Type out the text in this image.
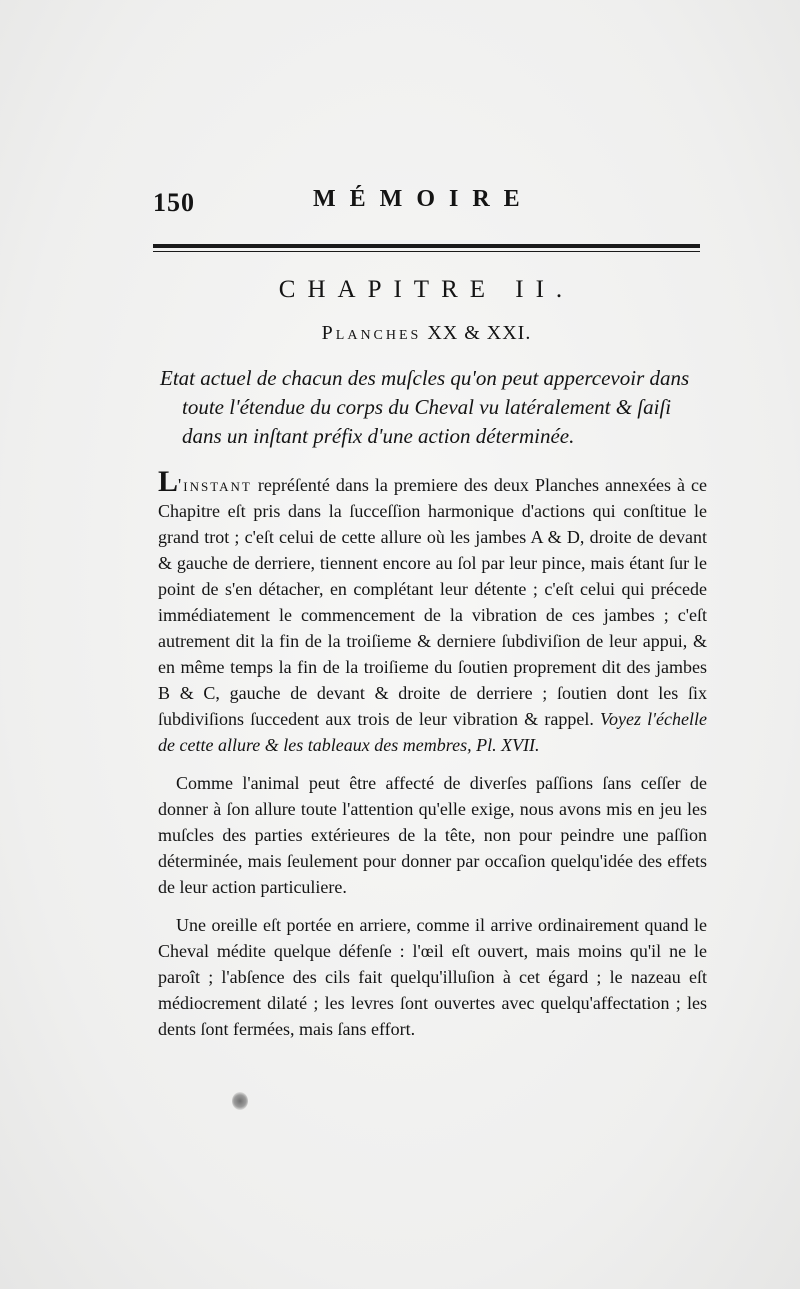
150	MÉMOIRE
CHAPITRE II.
Planches XX & XXI.
Etat actuel de chacun des muſcles qu'on peut appercevoir dans
toute l'étendue du corps du Cheval vu latéralement & ſaiſi
dans un inſtant préfix d'une action déterminée.

L'instant repréſenté dans la premiere des deux Planches annexées à ce Chapitre eſt pris dans la ſucceſſion harmonique d'actions qui conſtitue le grand trot ; c'eſt celui de cette allure où les jambes A & D, droite de devant & gauche de derriere, tiennent encore au ſol par leur pince, mais étant ſur le point de s'en détacher, en complétant leur détente ; c'eſt celui qui précede immédiatement le commencement de la vibration de ces jambes ; c'eſt autrement dit la fin de la troiſieme & derniere ſubdiviſion de leur appui, & en même temps la fin de la troiſieme du ſoutien proprement dit des jambes B & C, gauche de devant & droite de derriere ; ſoutien dont les ſix ſubdiviſions ſuccedent aux trois de leur vibration & rappel. Voyez l'échelle de cette allure & les tableaux des membres, Pl. XVII.

Comme l'animal peut être affecté de diverſes paſſions ſans ceſſer de donner à ſon allure toute l'attention qu'elle exige, nous avons mis en jeu les muſcles des parties extérieures de la tête, non pour peindre une paſſion déterminée, mais ſeulement pour donner par occaſion quelqu'idée des effets de leur action particuliere.

Une oreille eſt portée en arriere, comme il arrive ordinairement quand le Cheval médite quelque défenſe : l'œil eſt ouvert, mais moins qu'il ne le paroît ; l'abſence des cils fait quelqu'illuſion à cet égard ; le nazeau eſt médiocrement dilaté ; les levres ſont ouvertes avec quelqu'affectation ; les dents ſont fermées, mais ſans effort.
